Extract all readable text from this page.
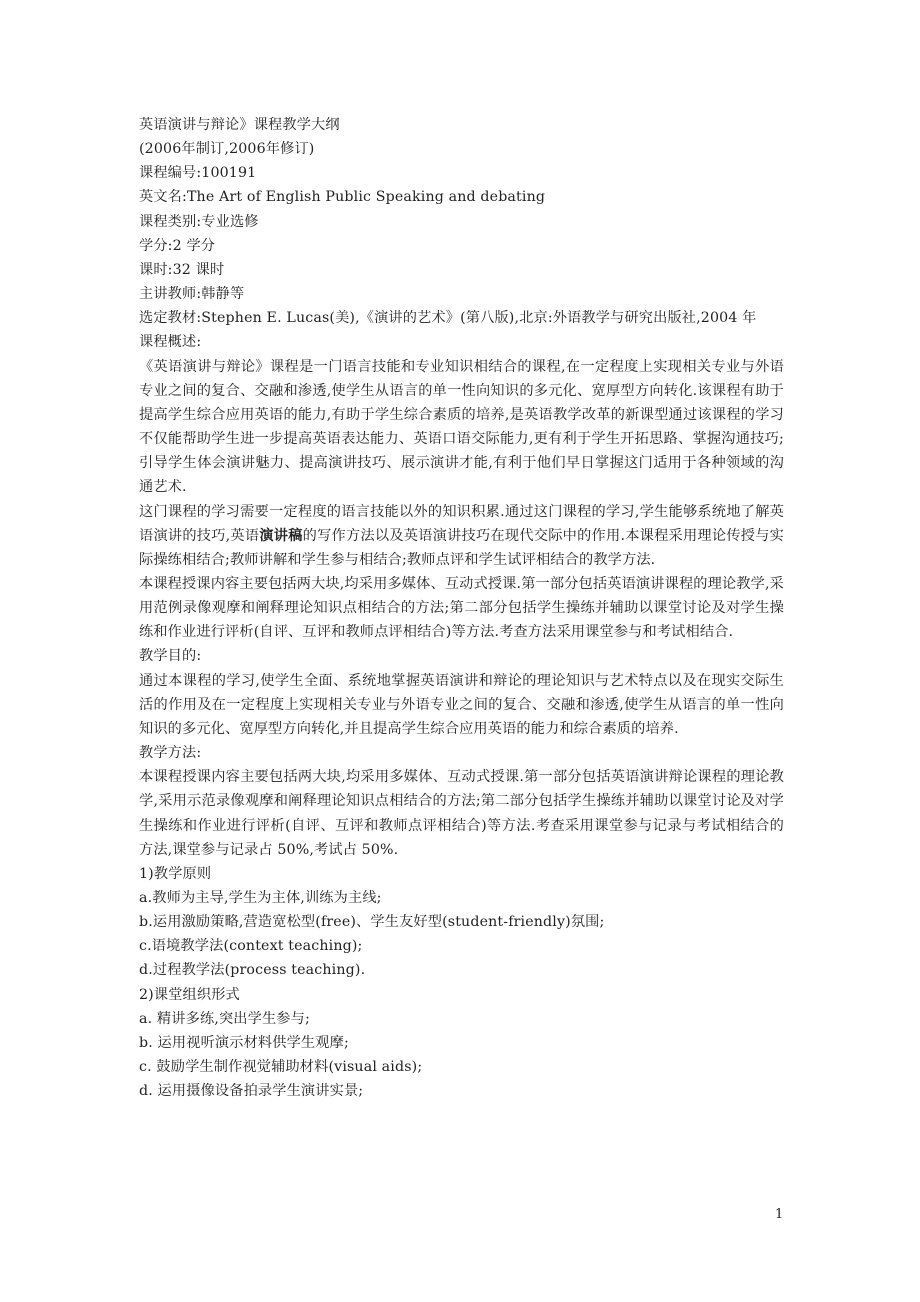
英语演讲与辩论》课程教学大纲
(2006年制订,2006年修订)
课程编号:100191
英文名:The Art of English Public Speaking and debating
课程类别:专业选修
学分:2 学分
课时:32 课时
主讲教师:韩静等
选定教材:Stephen E. Lucas(美),《演讲的艺术》(第八版),北京:外语教学与研究出版社,2004 年
课程概述:
《英语演讲与辩论》课程是一门语言技能和专业知识相结合的课程,在一定程度上实现相关专业与外语专业之间的复合、交融和渗透,使学生从语言的单一性向知识的多元化、宽厚型方向转化.该课程有助于提高学生综合应用英语的能力,有助于学生综合素质的培养,是英语教学改革的新课型通过该课程的学习不仅能帮助学生进一步提高英语表达能力、英语口语交际能力,更有利于学生开拓思路、掌握沟通技巧;引导学生体会演讲魅力、提高演讲技巧、展示演讲才能,有利于他们早日掌握这门适用于各种领域的沟通艺术.
这门课程的学习需要一定程度的语言技能以外的知识积累.通过这门课程的学习,学生能够系统地了解英语演讲的技巧,英语演讲稿的写作方法以及英语演讲技巧在现代交际中的作用.本课程采用理论传授与实际操练相结合;教师讲解和学生参与相结合;教师点评和学生试评相结合的教学方法.
本课程授课内容主要包括两大块,均采用多媒体、互动式授课.第一部分包括英语演讲课程的理论教学,采用范例录像观摩和阐释理论知识点相结合的方法;第二部分包括学生操练并辅助以课堂讨论及对学生操练和作业进行评析(自评、互评和教师点评相结合)等方法.考查方法采用课堂参与和考试相结合.
教学目的:
通过本课程的学习,使学生全面、系统地掌握英语演讲和辩论的理论知识与艺术特点以及在现实交际生活的作用及在一定程度上实现相关专业与外语专业之间的复合、交融和渗透,使学生从语言的单一性向知识的多元化、宽厚型方向转化,并且提高学生综合应用英语的能力和综合素质的培养.
教学方法:
本课程授课内容主要包括两大块,均采用多媒体、互动式授课.第一部分包括英语演讲辩论课程的理论教学,采用示范录像观摩和阐释理论知识点相结合的方法;第二部分包括学生操练并辅助以课堂讨论及对学生操练和作业进行评析(自评、互评和教师点评相结合)等方法.考查采用课堂参与记录与考试相结合的方法,课堂参与记录占 50%,考试占 50%.
1)教学原则
a.教师为主导,学生为主体,训练为主线;
b.运用激励策略,营造宽松型(free)、学生友好型(student-friendly)氛围;
c.语境教学法(context teaching);
d.过程教学法(process teaching).
2)课堂组织形式
a. 精讲多练,突出学生参与;
b. 运用视听演示材料供学生观摩;
c. 鼓励学生制作视觉辅助材料(visual aids);
d. 运用摄像设备拍录学生演讲实景;
1
